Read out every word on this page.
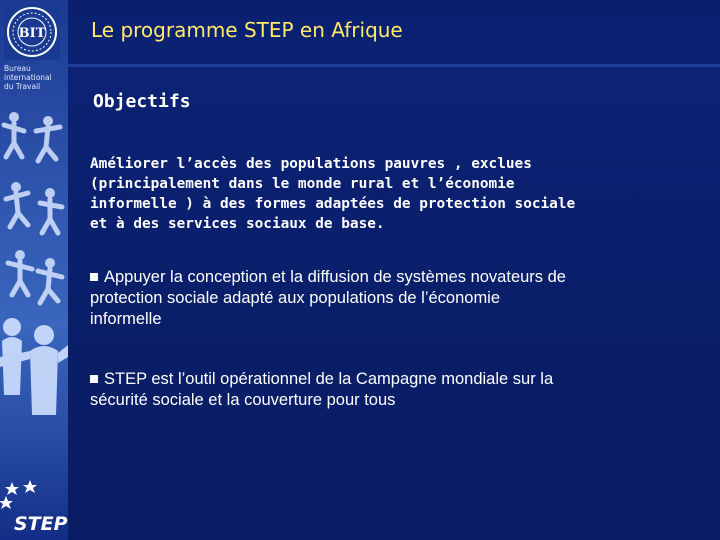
BIT
Bureau
international
du Travail
STEP
Le programme STEP en Afrique
Objectifs
Améliorer l’accès des populations pauvres , exclues
(principalement dans le monde rural et l’économie
informelle ) à des formes adaptées de protection sociale
et à des services sociaux de base.
Appuyer la conception et la diffusion de systèmes novateurs de
protection sociale adapté aux populations de l’économie
informelle
STEP est l’outil opérationnel de la Campagne mondiale sur la
sécurité sociale et la couverture pour tous
